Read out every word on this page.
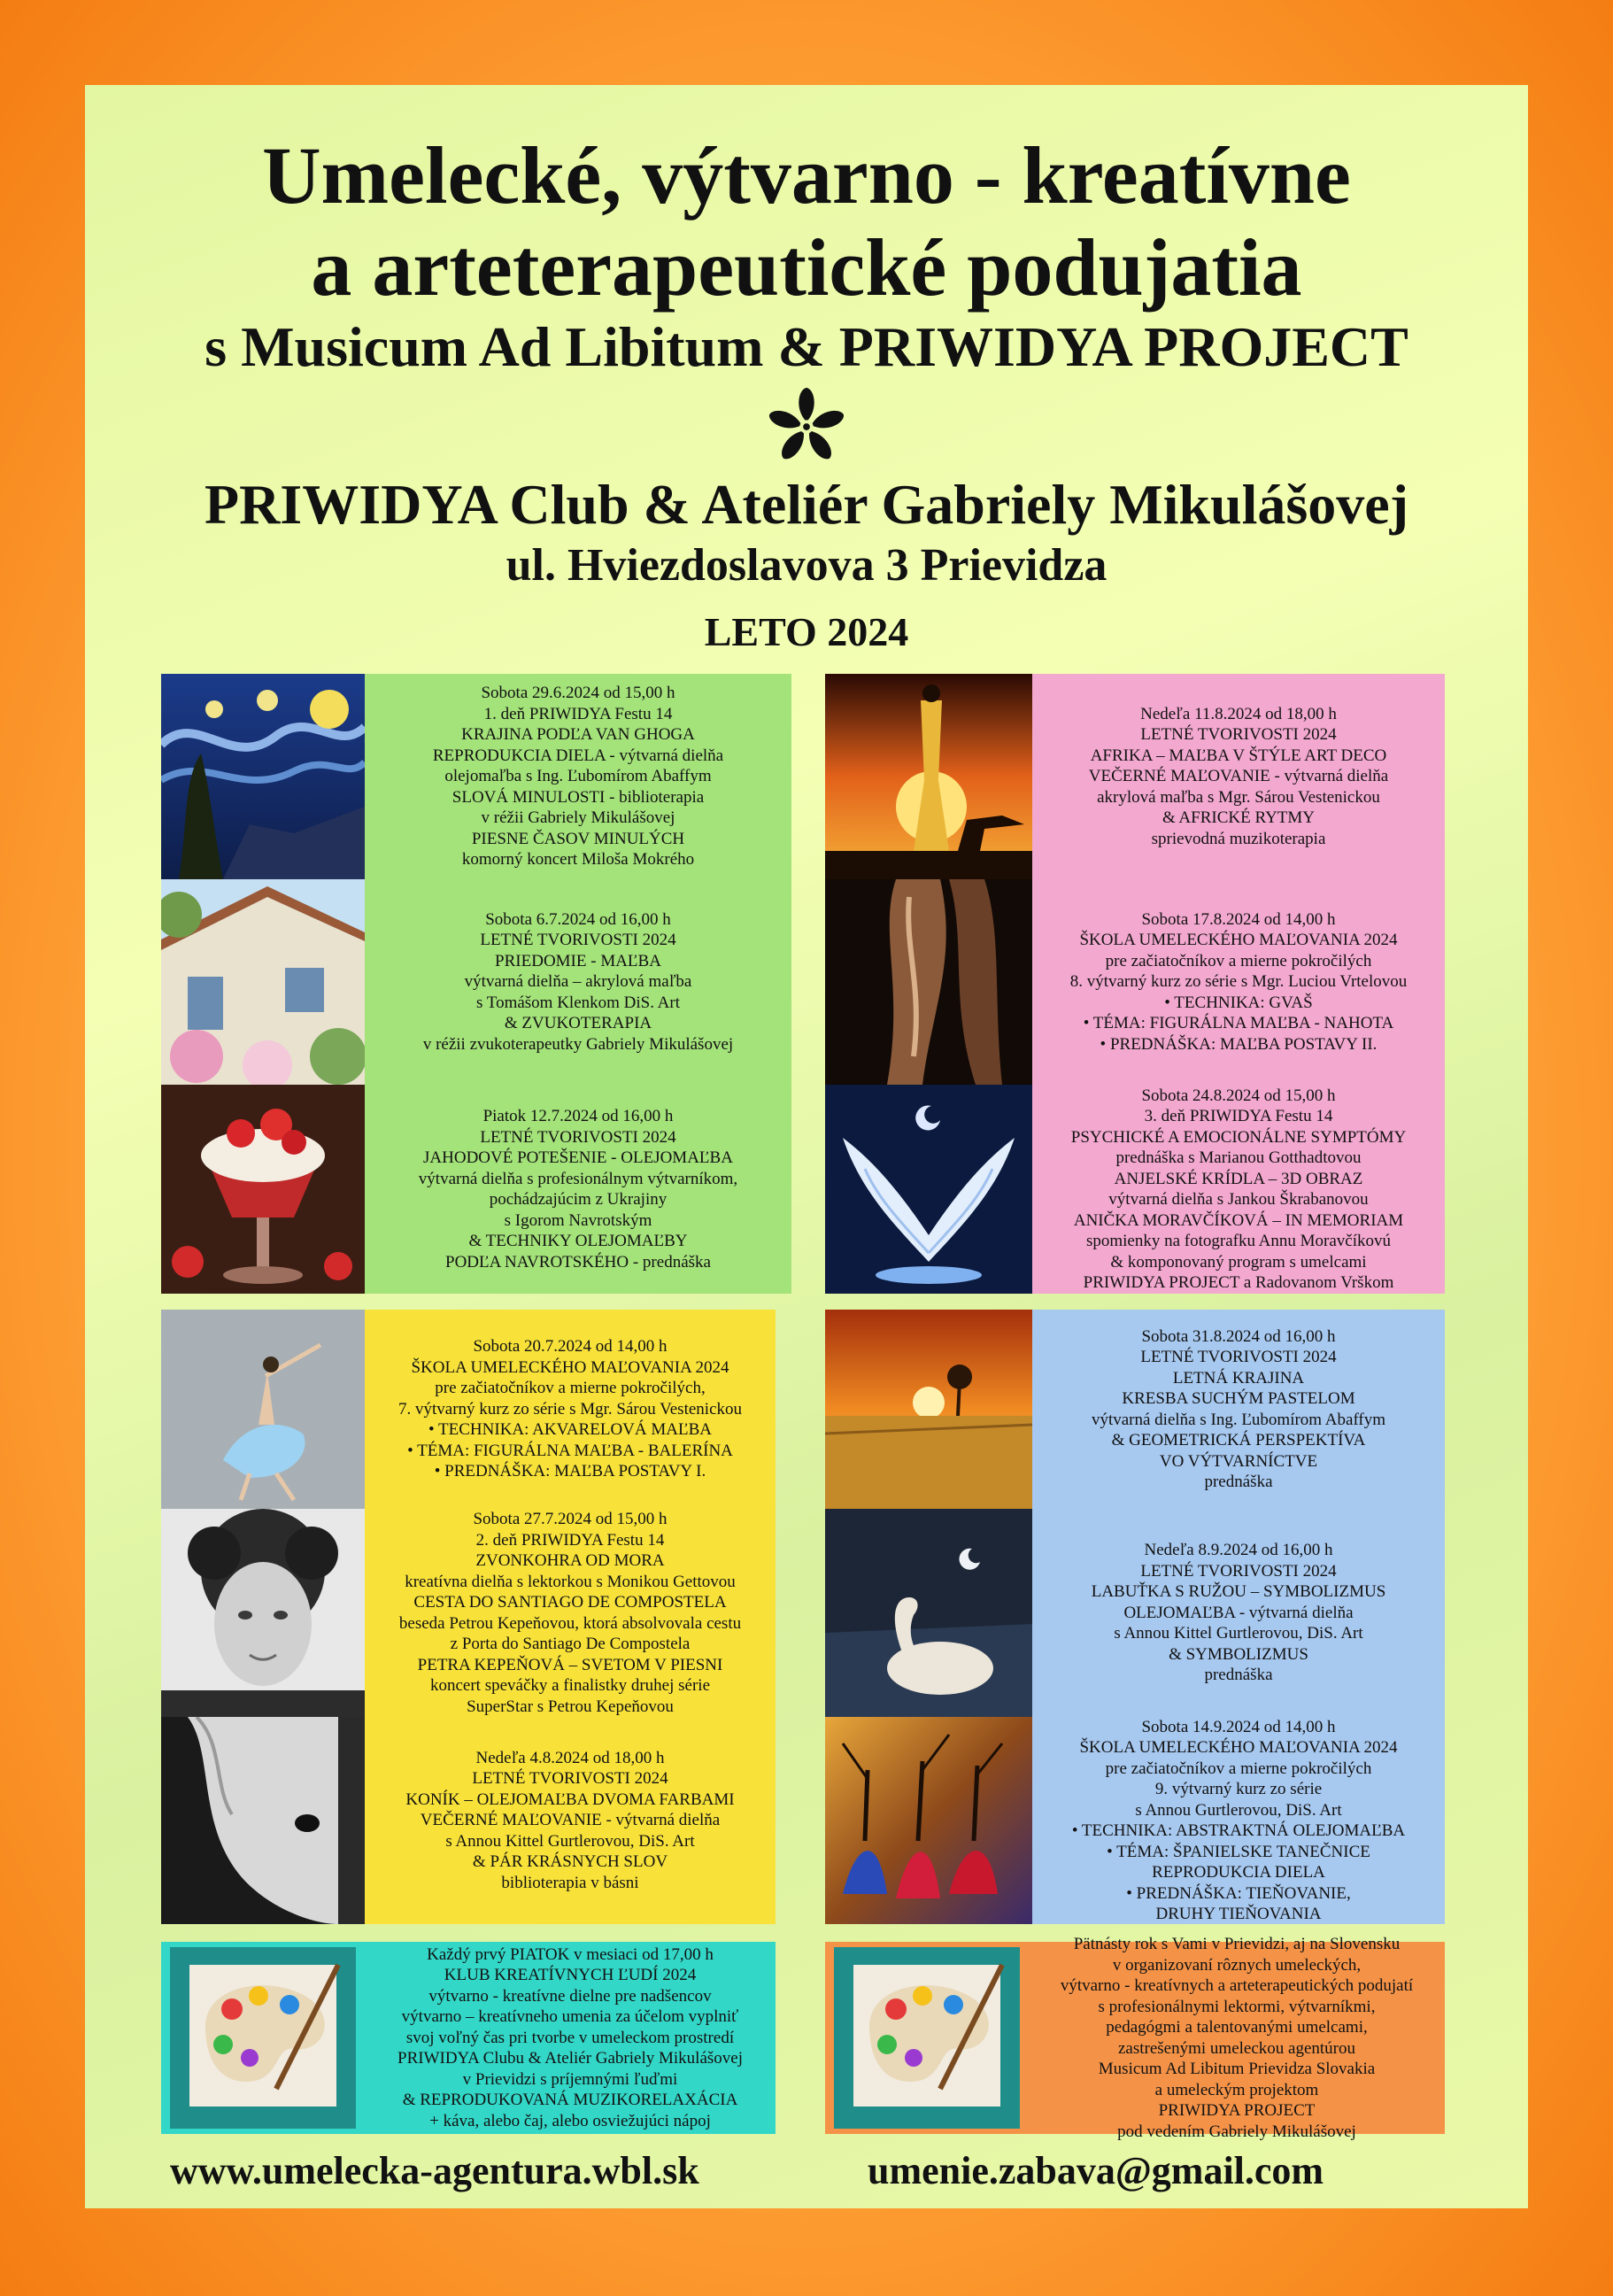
Umelecké, výtvarno - kreatívne
a arteterapeutické podujatia
s Musicum Ad Libitum & PRIWIDYA PROJECT
PRIWIDYA Club & Ateliér Gabriely Mikulášovej
ul. Hviezdoslavova 3 Prievidza
LETO 2024
Sobota 29.6.2024 od 15,00 h
1. deň PRIWIDYA Festu 14
KRAJINA PODĽA VAN GHOGA
REPRODUKCIA DIELA - výtvarná dielňa
olejomaľba s Ing. Ľubomírom Abaffym
SLOVÁ MINULOSTI - biblioterapia
v réžii Gabriely Mikulášovej
PIESNE ČASOV MINULÝCH
komorný koncert Miloša Mokrého
Sobota 6.7.2024 od 16,00 h
LETNÉ TVORIVOSTI 2024
PRIEDOMIE - MAĽBA
výtvarná dielňa – akrylová maľba
s Tomášom Klenkom DiS. Art
& ZVUKOTERAPIA
v réžii zvukoterapeutky Gabriely Mikulášovej
Piatok 12.7.2024 od 16,00 h
LETNÉ TVORIVOSTI 2024
JAHODOVÉ POTEŠENIE - OLEJOMAĽBA
výtvarná dielňa s profesionálnym výtvarníkom,
pochádzajúcim z Ukrajiny
s Igorom Navrotským
& TECHNIKY OLEJOMAĽBY
PODĽA NAVROTSKÉHO - prednáška
Nedeľa 11.8.2024 od 18,00 h
LETNÉ TVORIVOSTI 2024
AFRIKA – MAĽBA V ŠTÝLE ART DECO
VEČERNÉ MAĽOVANIE - výtvarná dielňa
akrylová maľba s Mgr. Sárou Vestenickou
& AFRICKÉ RYTMY
sprievodná muzikoterapia
Sobota 17.8.2024 od 14,00 h
ŠKOLA UMELECKÉHO MAĽOVANIA 2024
pre začiatočníkov a mierne pokročilých
8. výtvarný kurz zo série s Mgr. Luciou Vrtelovou
• TECHNIKA: GVAŠ
• TÉMA: FIGURÁLNA MAĽBA - NAHOTA
• PREDNÁŠKA: MAĽBA POSTAVY II.
Sobota 24.8.2024 od 15,00 h
3. deň PRIWIDYA Festu 14
PSYCHICKÉ A EMOCIONÁLNE SYMPTÓMY
prednáška s Marianou Gotthadtovou
ANJELSKÉ KRÍDLA – 3D OBRAZ
výtvarná dielňa s Jankou Škrabanovou
ANIČKA MORAVČÍKOVÁ – IN MEMORIAM
spomienky na fotografku Annu Moravčíkovú
& komponovaný program s umelcami
PRIWIDYA PROJECT a Radovanom Vrškom
Sobota 20.7.2024 od 14,00 h
ŠKOLA UMELECKÉHO MAĽOVANIA 2024
pre začiatočníkov a mierne pokročilých,
7. výtvarný kurz zo série s Mgr. Sárou Vestenickou
• TECHNIKA: AKVARELOVÁ MAĽBA
• TÉMA: FIGURÁLNA MAĽBA - BALERÍNA
• PREDNÁŠKA: MAĽBA POSTAVY I.
Sobota 27.7.2024 od 15,00 h
2. deň PRIWIDYA Festu 14
ZVONKOHRA OD MORA
kreatívna dielňa s lektorkou s Monikou Gettovou
CESTA DO SANTIAGO DE COMPOSTELA
beseda Petrou Kepeňovou, ktorá absolvovala cestu
z Porta do Santiago De Compostela
PETRA KEPEŇOVÁ – SVETOM V PIESNI
koncert speváčky a finalistky druhej série
SuperStar s Petrou Kepeňovou
Nedeľa 4.8.2024 od 18,00 h
LETNÉ TVORIVOSTI 2024
KONÍK – OLEJOMAĽBA DVOMA FARBAMI
VEČERNÉ MAĽOVANIE - výtvarná dielňa
s Annou Kittel Gurtlerovou, DiS. Art
& PÁR KRÁSNYCH SLOV
biblioterapia v básni
Sobota 31.8.2024 od 16,00 h
LETNÉ TVORIVOSTI 2024
LETNÁ KRAJINA
KRESBA SUCHÝM PASTELOM
výtvarná dielňa s Ing. Ľubomírom Abaffym
& GEOMETRICKÁ PERSPEKTÍVA
VO VÝTVARNÍCTVE
prednáška
Nedeľa 8.9.2024 od 16,00 h
LETNÉ TVORIVOSTI 2024
LABUŤKA S RUŽOU – SYMBOLIZMUS
OLEJOMAĽBA - výtvarná dielňa
s Annou Kittel Gurtlerovou, DiS. Art
& SYMBOLIZMUS
prednáška
Sobota 14.9.2024 od 14,00 h
ŠKOLA UMELECKÉHO MAĽOVANIA 2024
pre začiatočníkov a mierne pokročilých
9. výtvarný kurz zo série
s Annou Gurtlerovou, DiS. Art
• TECHNIKA: ABSTRAKTNÁ OLEJOMAĽBA
• TÉMA: ŠPANIELSKE TANEČNICE
REPRODUKCIA DIELA
• PREDNÁŠKA: TIEŇOVANIE,
DRUHY TIEŇOVANIA
Každý prvý PIATOK v mesiaci od 17,00 h
KLUB KREATÍVNYCH ĽUDÍ 2024
výtvarno - kreatívne dielne pre nadšencov
výtvarno – kreatívneho umenia za účelom vyplniť
svoj voľný čas pri tvorbe v umeleckom prostredí
PRIWIDYA Clubu & Ateliér Gabriely Mikulášovej
v Prievidzi s príjemnými ľuďmi
& REPRODUKOVANÁ MUZIKORELAXÁCIA
+ káva, alebo čaj, alebo osviežujúci nápoj
Pätnásty rok s Vami v Prievidzi, aj na Slovensku
v organizovaní rôznych umeleckých,
výtvarno - kreatívnych a arteterapeutických podujatí
s profesionálnymi lektormi, výtvarníkmi,
pedagógmi a talentovanými umelcami,
zastrešenými umeleckou agentúrou
Musicum Ad Libitum Prievidza Slovakia
a umeleckým projektom
PRIWIDYA PROJECT
pod vedením Gabriely Mikulášovej
www.umelecka-agentura.wbl.sk	umenie.zabava@gmail.com
